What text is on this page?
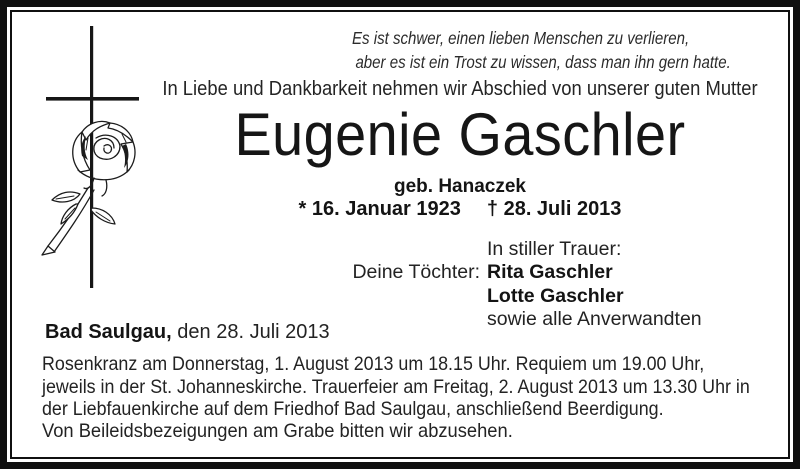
Es ist schwer, einen lieben Menschen zu verlieren,
aber es ist ein Trost zu wissen, dass man ihn gern hatte.
In Liebe und Dankbarkeit nehmen wir Abschied von unserer guten Mutter
Eugenie Gaschler
geb. Hanaczek
* 16. Januar 1923 † 28. Juli 2013
In stiller Trauer:
Deine Töchter: Rita Gaschler
Lotte Gaschler
sowie alle Anverwandten
Bad Saulgau, den 28. Juli 2013
Rosenkranz am Donnerstag, 1. August 2013 um 18.15 Uhr. Requiem um 19.00 Uhr,
jeweils in der St. Johanneskirche. Trauerfeier am Freitag, 2. August 2013 um 13.30 Uhr in
der Liebfauenkirche auf dem Friedhof Bad Saulgau, anschließend Beerdigung.
Von Beileidsbezeigungen am Grabe bitten wir abzusehen.
